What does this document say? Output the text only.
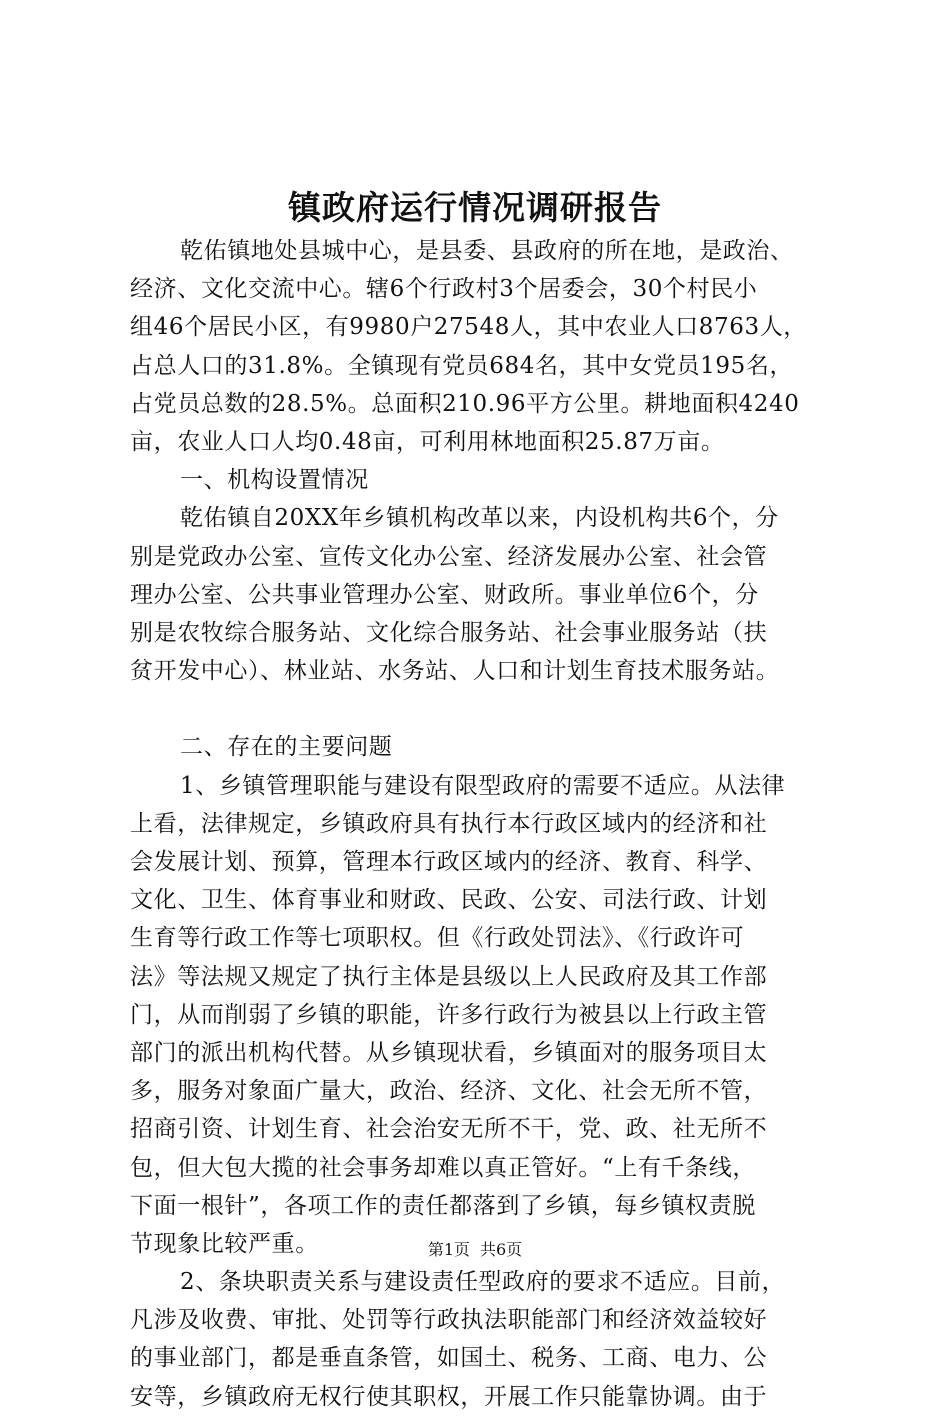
镇政府运行情况调研报告
乾佑镇地处县城中心，是县委、县政府的所在地，是政治、
经济、文化交流中心。辖6个行政村3个居委会，30个村民小
组46个居民小区，有9980户27548人，其中农业人口8763人，
占总人口的31.8%。全镇现有党员684名，其中女党员195名，
占党员总数的28.5%。总面积210.96平方公里。耕地面积4240
亩，农业人口人均0.48亩，可利用林地面积25.87万亩。
一、机构设置情况
乾佑镇自20XX年乡镇机构改革以来，内设机构共6个，分
别是党政办公室、宣传文化办公室、经济发展办公室、社会管
理办公室、公共事业管理办公室、财政所。事业单位6个，分
别是农牧综合服务站、文化综合服务站、社会事业服务站（扶
贫开发中心）、林业站、水务站、人口和计划生育技术服务站。
二、存在的主要问题
1、乡镇管理职能与建设有限型政府的需要不适应。从法律
上看，法律规定，乡镇政府具有执行本行政区域内的经济和社
会发展计划、预算，管理本行政区域内的经济、教育、科学、
文化、卫生、体育事业和财政、民政、公安、司法行政、计划
生育等行政工作等七项职权。但《行政处罚法》、《行政许可
法》等法规又规定了执行主体是县级以上人民政府及其工作部
门，从而削弱了乡镇的职能，许多行政行为被县以上行政主管
部门的派出机构代替。从乡镇现状看，乡镇面对的服务项目太
多，服务对象面广量大，政治、经济、文化、社会无所不管，
招商引资、计划生育、社会治安无所不干，党、政、社无所不
包，但大包大揽的社会事务却难以真正管好。“上有千条线，
下面一根针”，各项工作的责任都落到了乡镇，每乡镇权责脱
节现象比较严重。
2、条块职责关系与建设责任型政府的要求不适应。目前，
凡涉及收费、审批、处罚等行政执法职能部门和经济效益较好
的事业部门，都是垂直条管，如国土、税务、工商、电力、公
安等，乡镇政府无权行使其职权，开展工作只能靠协调。由于
第1页 共6页
